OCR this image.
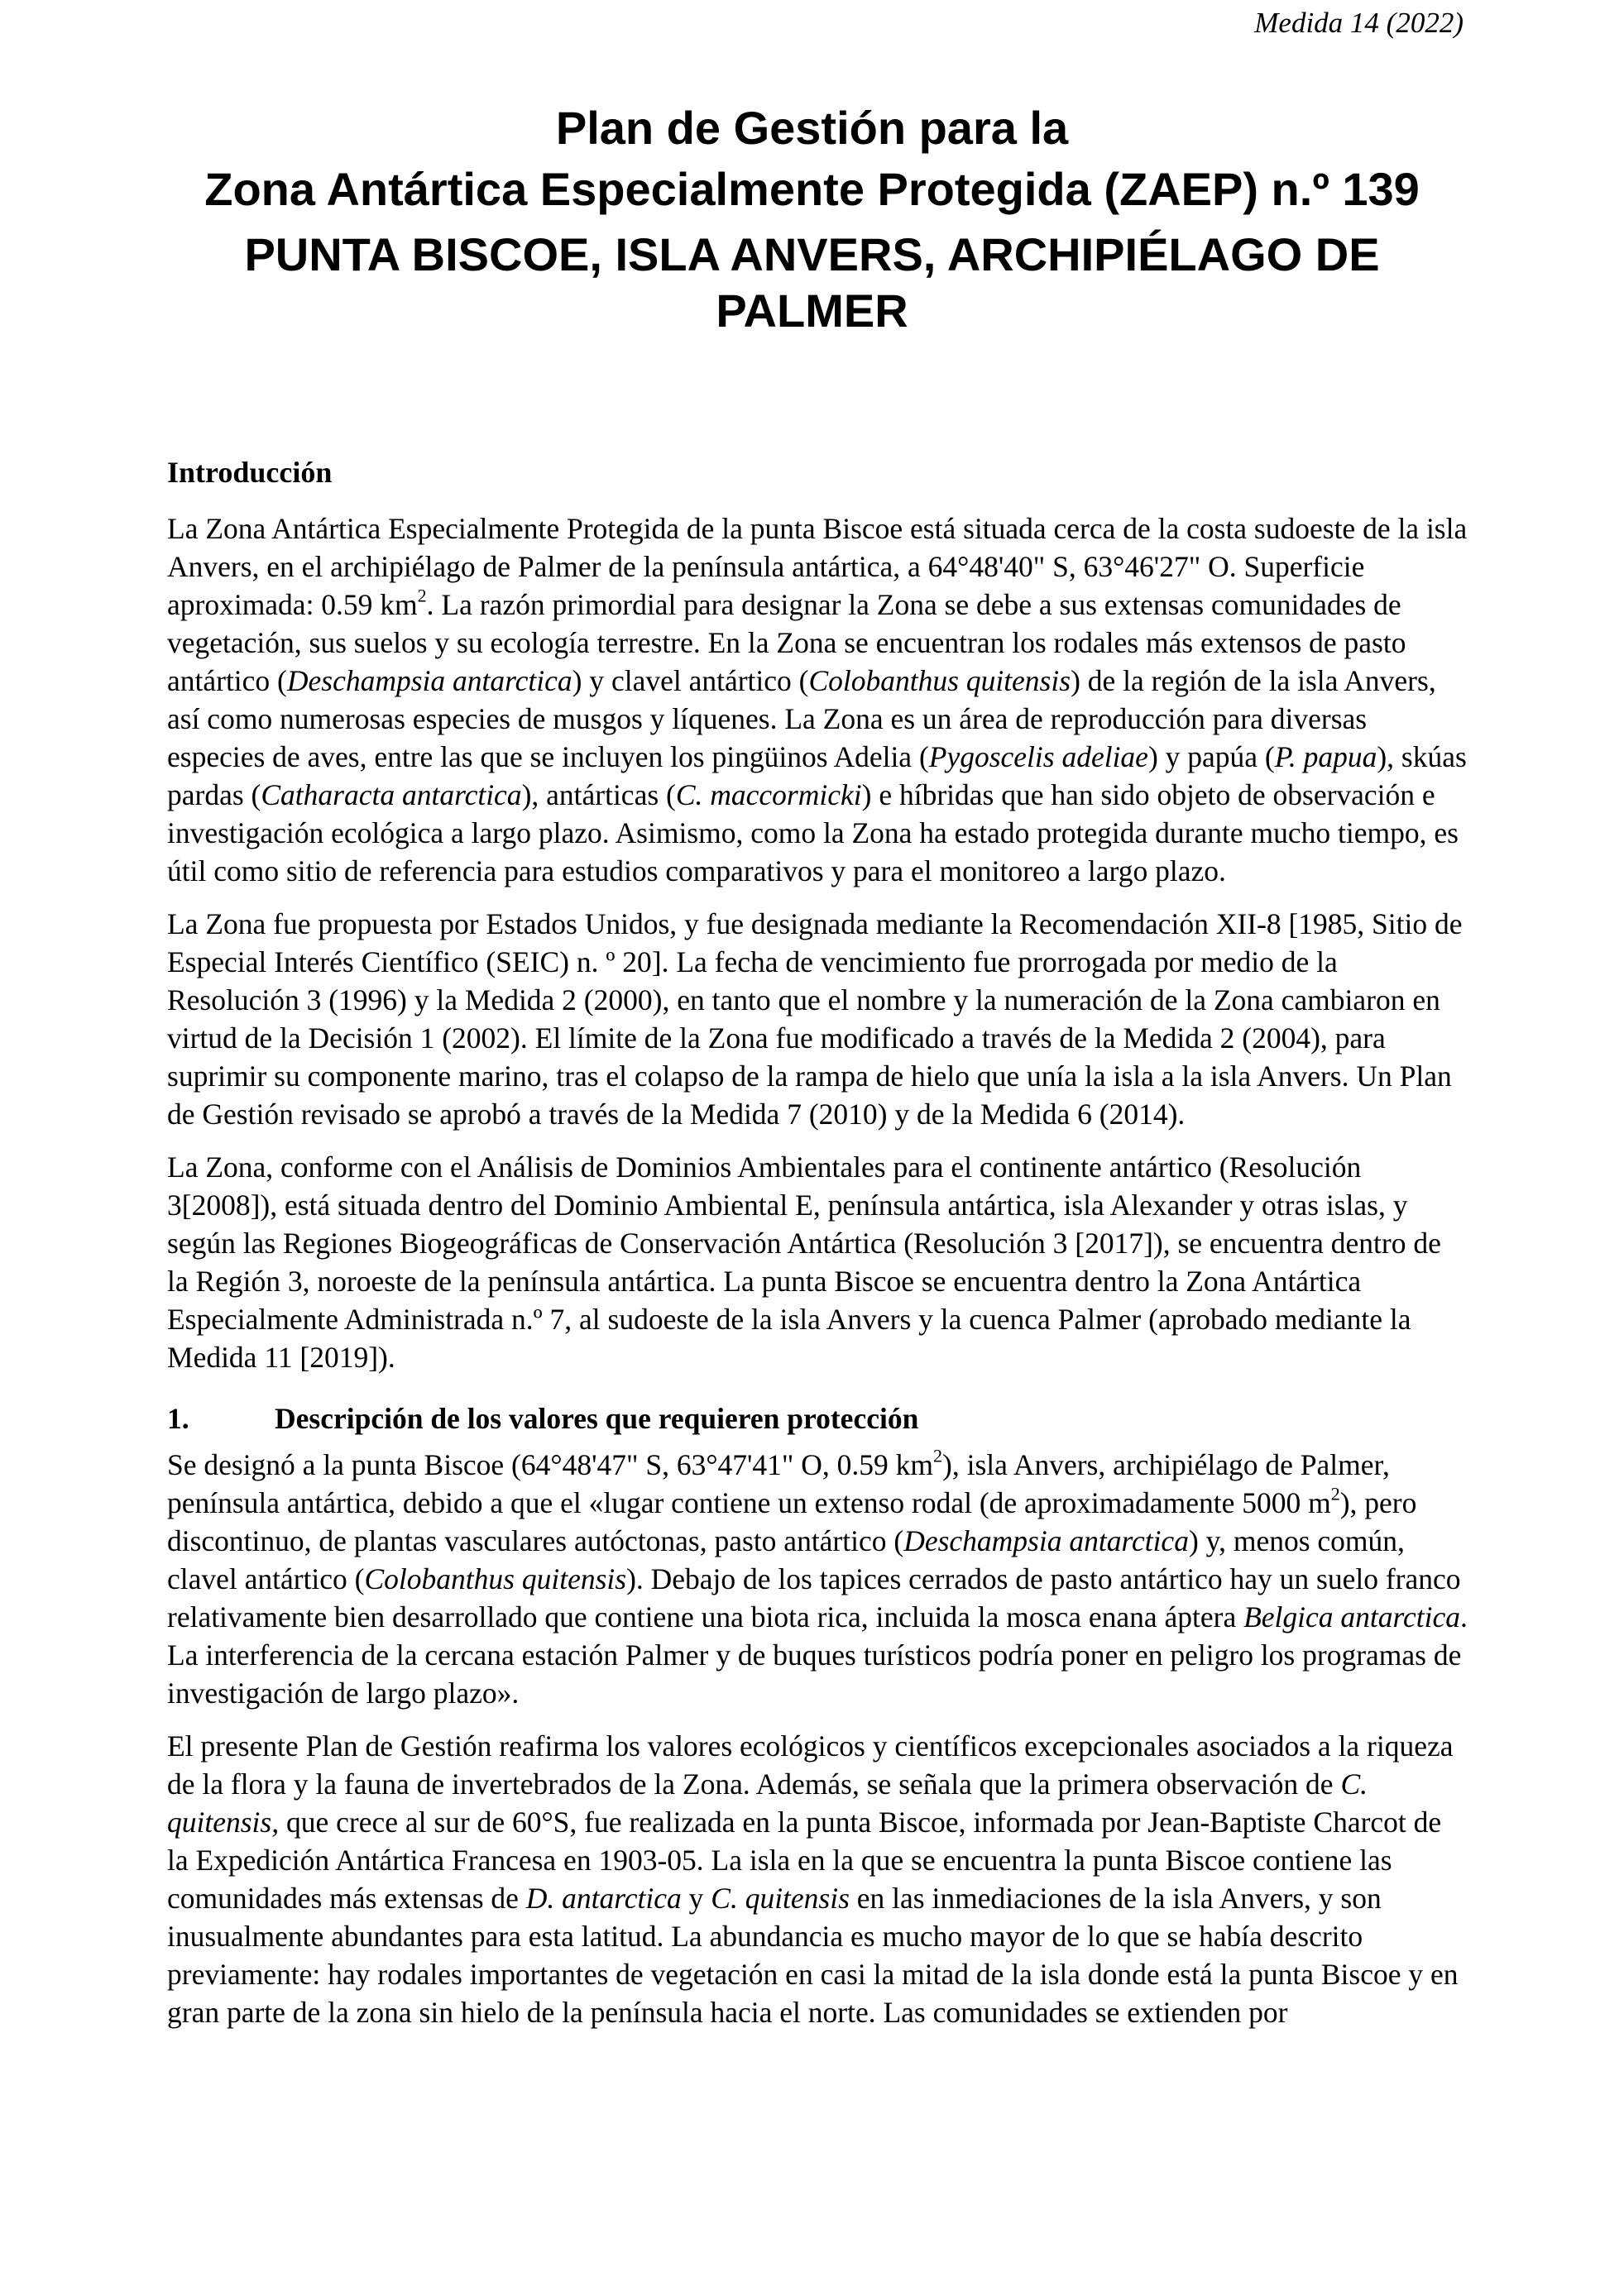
Medida 14 (2022)
Plan de Gestión para la
Zona Antártica Especialmente Protegida (ZAEP) n.º 139
PUNTA BISCOE, ISLA ANVERS, ARCHIPIÉLAGO DE
PALMER
Introducción

La Zona Antártica Especialmente Protegida de la punta Biscoe está situada cerca de la costa sudoeste de la isla Anvers, en el archipiélago de Palmer de la península antártica, a 64°48'40" S, 63°46'27" O. Superficie aproximada: 0.59 $km^2$. La razón primordial para designar la Zona se debe a sus extensas comunidades de vegetación, sus suelos y su ecología terrestre. En la Zona se encuentran los rodales más extensos de pasto antártico (Deschampsia antarctica) y clavel antártico (Colobanthus quitensis) de la región de la isla Anvers, así como numerosas especies de musgos y líquenes. La Zona es un área de reproducción para diversas especies de aves, entre las que se incluyen los pingüinos Adelia (Pygoscelis adeliae) y papúa (P. papua), skúas pardas (Catharacta antarctica), antárticas (C. maccormicki) e híbridas que han sido objeto de observación e investigación ecológica a largo plazo. Asimismo, como la Zona ha estado protegida durante mucho tiempo, es útil como sitio de referencia para estudios comparativos y para el monitoreo a largo plazo.

La Zona fue propuesta por Estados Unidos, y fue designada mediante la Recomendación XII-8 [1985, Sitio de Especial Interés Científico (SEIC) n. º 20]. La fecha de vencimiento fue prorrogada por medio de la Resolución 3 (1996) y la Medida 2 (2000), en tanto que el nombre y la numeración de la Zona cambiaron en virtud de la Decisión 1 (2002). El límite de la Zona fue modificado a través de la Medida 2 (2004), para suprimir su componente marino, tras el colapso de la rampa de hielo que unía la isla a la isla Anvers. Un Plan de Gestión revisado se aprobó a través de la Medida 7 (2010) y de la Medida 6 (2014).

La Zona, conforme con el Análisis de Dominios Ambientales para el continente antártico (Resolución 3[2008]), está situada dentro del Dominio Ambiental E, península antártica, isla Alexander y otras islas, y según las Regiones Biogeográficas de Conservación Antártica (Resolución 3 [2017]), se encuentra dentro de la Región 3, noroeste de la península antártica. La punta Biscoe se encuentra dentro la Zona Antártica Especialmente Administrada n.º 7, al sudoeste de la isla Anvers y la cuenca Palmer (aprobado mediante la Medida 11 [2019]).

1.	Descripción de los valores que requieren protección

Se designó a la punta Biscoe (64°48'47" S, 63°47'41" O, 0.59 $km^2$), isla Anvers, archipiélago de Palmer, península antártica, debido a que el «lugar contiene un extenso rodal (de aproximadamente 5000 $m^2$), pero discontinuo, de plantas vasculares autóctonas, pasto antártico (Deschampsia antarctica) y, menos común, clavel antártico (Colobanthus quitensis). Debajo de los tapices cerrados de pasto antártico hay un suelo franco relativamente bien desarrollado que contiene una biota rica, incluida la mosca enana áptera Belgica antarctica. La interferencia de la cercana estación Palmer y de buques turísticos podría poner en peligro los programas de investigación de largo plazo».

El presente Plan de Gestión reafirma los valores ecológicos y científicos excepcionales asociados a la riqueza de la flora y la fauna de invertebrados de la Zona. Además, se señala que la primera observación de C. quitensis, que crece al sur de 60°S, fue realizada en la punta Biscoe, informada por Jean-Baptiste Charcot de la Expedición Antártica Francesa en 1903-05. La isla en la que se encuentra la punta Biscoe contiene las comunidades más extensas de D. antarctica y C. quitensis en las inmediaciones de la isla Anvers, y son inusualmente abundantes para esta latitud. La abundancia es mucho mayor de lo que se había descrito previamente: hay rodales importantes de vegetación en casi la mitad de la isla donde está la punta Biscoe y en gran parte de la zona sin hielo de la península hacia el norte. Las comunidades se extienden por
